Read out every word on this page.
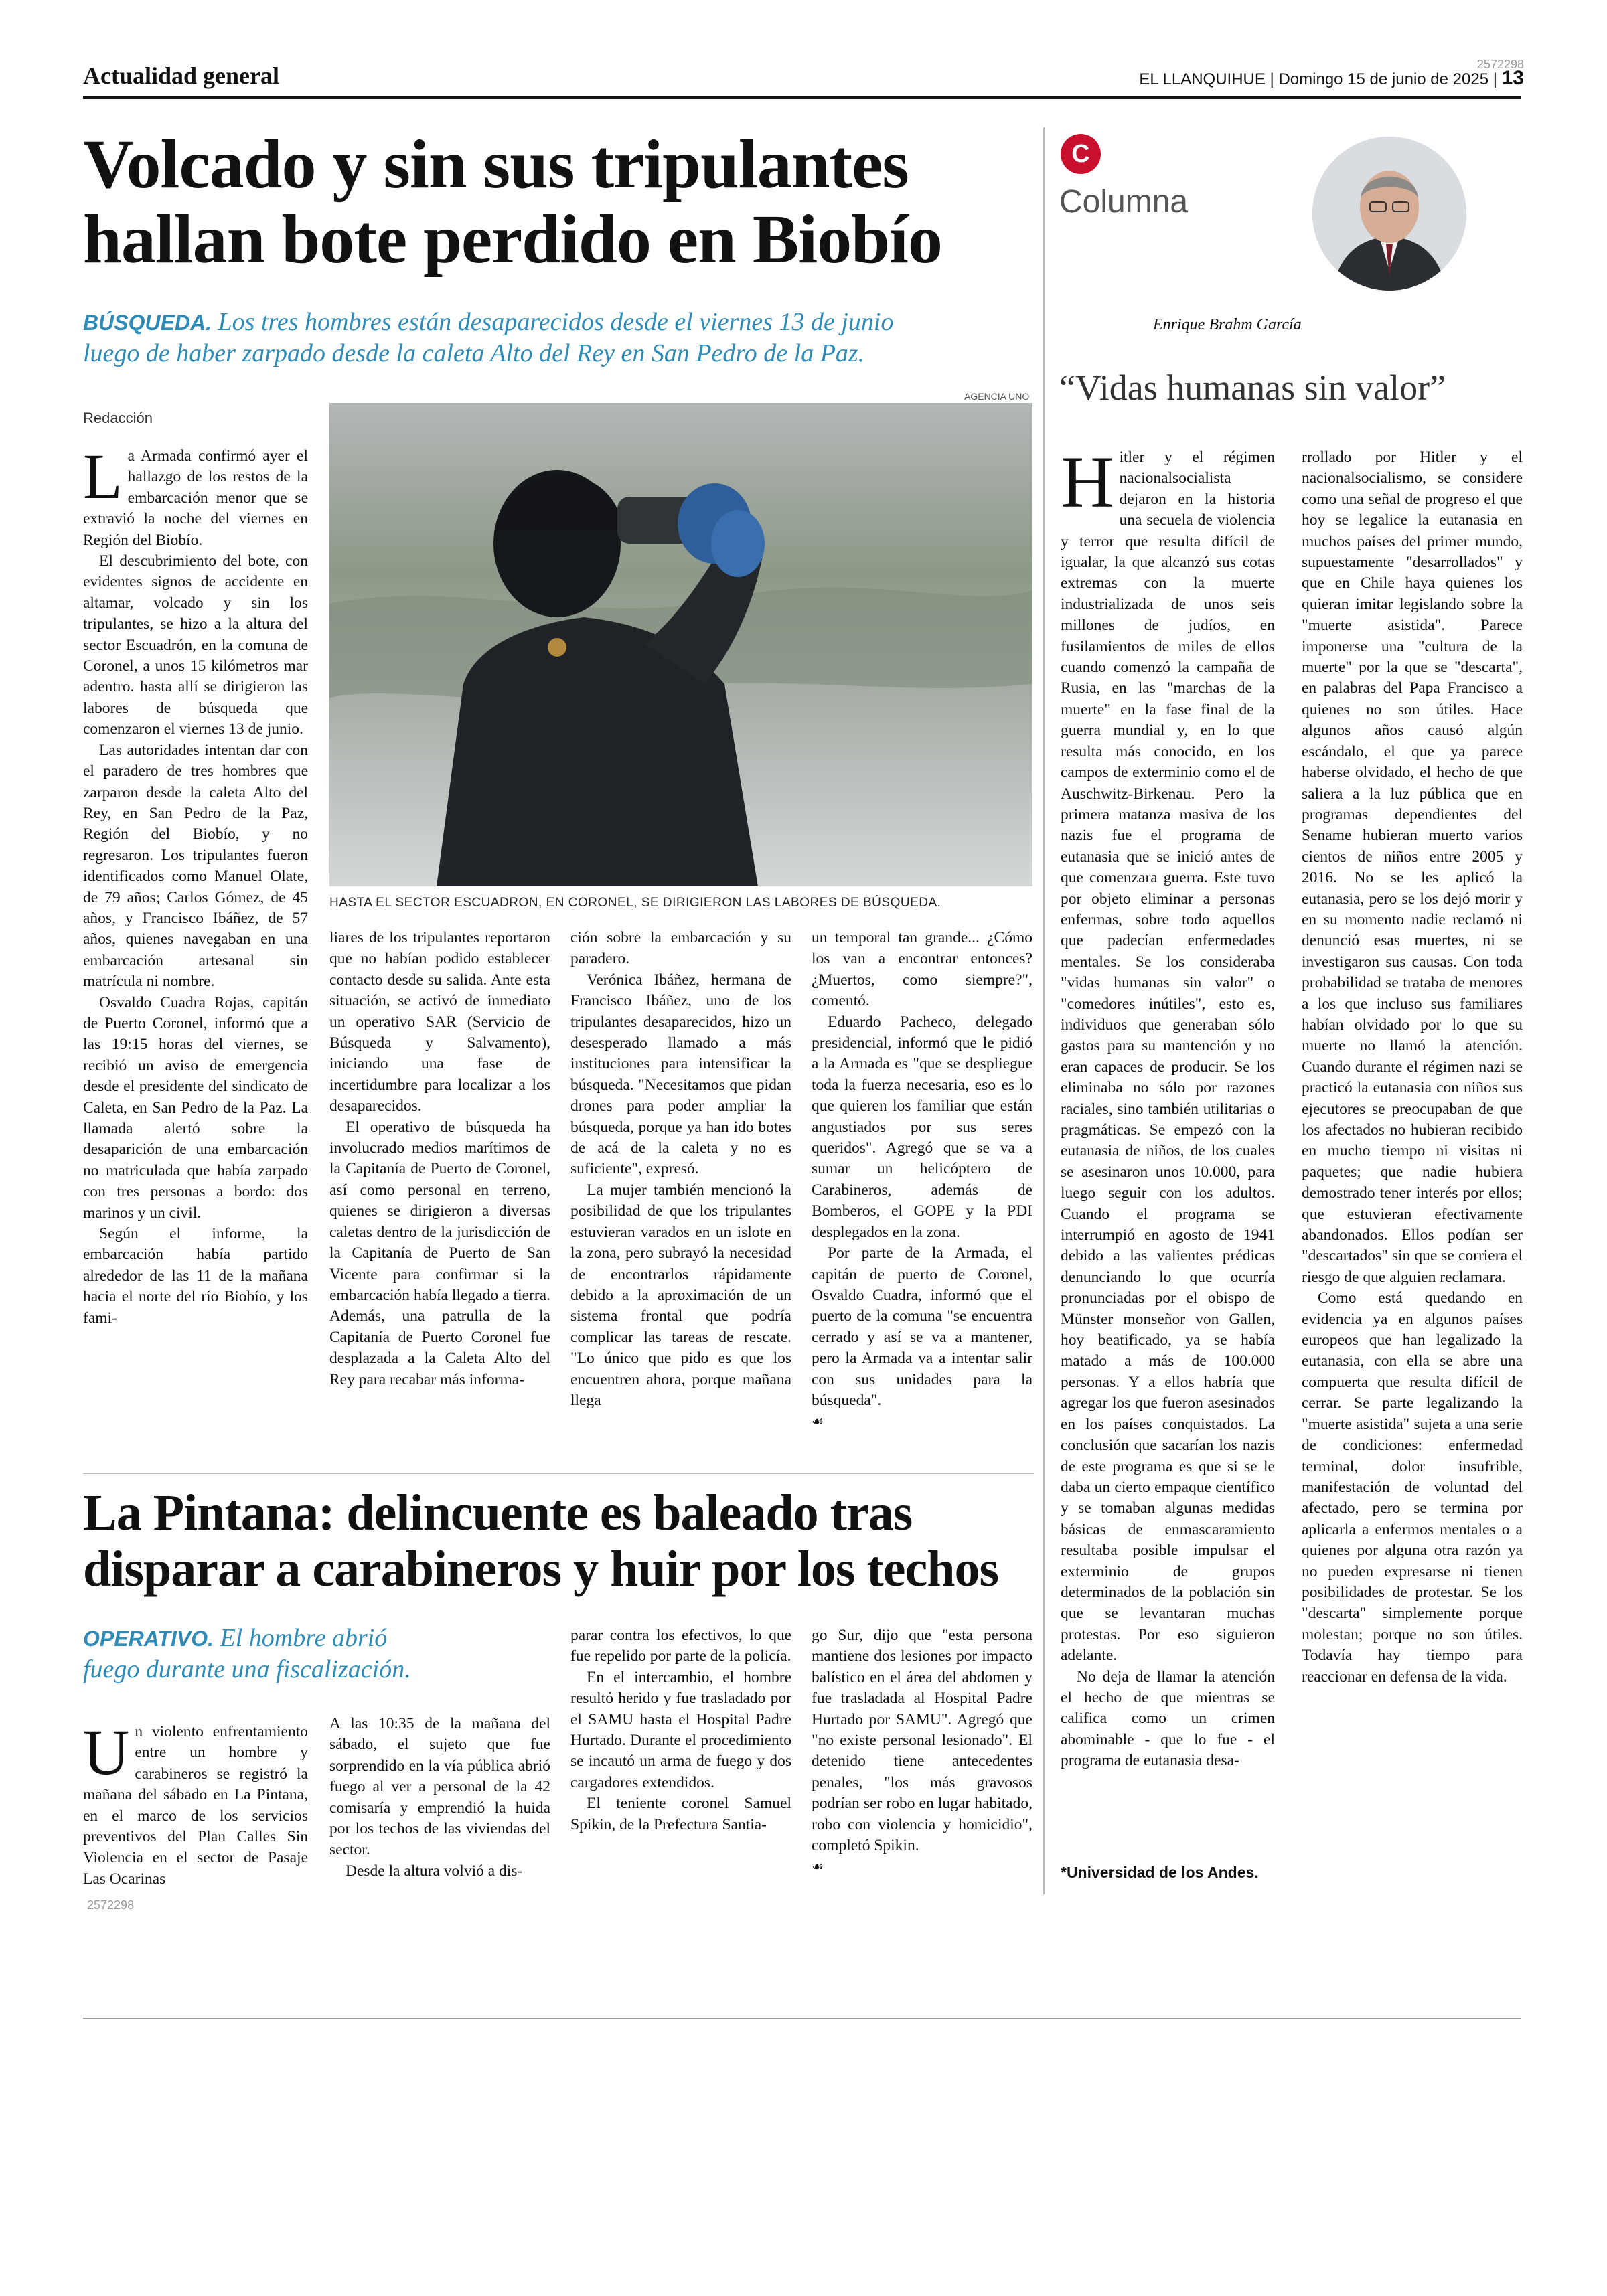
Actualidad general	2572298
EL LLANQUIHUE | Domingo 15 de junio de 2025 | 13
Volcado y sin sus tripulantes
hallan bote perdido en Biobío
BÚSQUEDA. Los tres hombres están desaparecidos desde el viernes 13 de junio
luego de haber zarpado desde la caleta Alto del Rey en San Pedro de la Paz.
Redacción
AGENCIA UNO
HASTA EL SECTOR ESCUADRON, EN CORONEL, SE DIRIGIERON LAS LABORES DE BÚSQUEDA.
L a Armada confirmó ayer el hallazgo de los restos de la embarcación menor que se extravió la noche del viernes en Región del Biobío.

El descubrimiento del bote, con evidentes signos de accidente en altamar, volcado y sin los tripulantes, se hizo a la altura del sector Escuadrón, en la comuna de Coronel, a unos 15 kilómetros mar adentro. hasta allí se dirigieron las labores de búsqueda que comenzaron el viernes 13 de junio.

Las autoridades intentan dar con el paradero de tres hombres que zarparon desde la caleta Alto del Rey, en San Pedro de la Paz, Región del Biobío, y no regresaron. Los tripulantes fueron identificados como Manuel Olate, de 79 años; Carlos Gómez, de 45 años, y Francisco Ibáñez, de 57 años, quienes navegaban en una embarcación artesanal sin matrícula ni nombre.

Osvaldo Cuadra Rojas, capitán de Puerto Coronel, informó que a las 19:15 horas del viernes, se recibió un aviso de emergencia desde el presidente del sindicato de Caleta, en San Pedro de la Paz. La llamada alertó sobre la desaparición de una embarcación no matriculada que había zarpado con tres personas a bordo: dos marinos y un civil.

Según el informe, la embarcación había partido alrededor de las 11 de la mañana hacia el norte del río Biobío, y los fami-

liares de los tripulantes reportaron que no habían podido establecer contacto desde su salida. Ante esta situación, se activó de inmediato un operativo SAR (Servicio de Búsqueda y Salvamento), iniciando una fase de incertidumbre para localizar a los desaparecidos.

El operativo de búsqueda ha involucrado medios marítimos de la Capitanía de Puerto de Coronel, así como personal en terreno, quienes se dirigieron a diversas caletas dentro de la jurisdicción de la Capitanía de Puerto de San Vicente para confirmar si la embarcación había llegado a tierra. Además, una patrulla de la Capitanía de Puerto Coronel fue desplazada a la Caleta Alto del Rey para recabar más informa-

ción sobre la embarcación y su paradero.

Verónica Ibáñez, hermana de Francisco Ibáñez, uno de los tripulantes desaparecidos, hizo un desesperado llamado a más instituciones para intensificar la búsqueda. "Necesitamos que pidan drones para poder ampliar la búsqueda, porque ya han ido botes de acá de la caleta y no es suficiente", expresó.

La mujer también mencionó la posibilidad de que los tripulantes estuvieran varados en un islote en la zona, pero subrayó la necesidad de encontrarlos rápidamente debido a la aproximación de un sistema frontal que podría complicar las tareas de rescate. "Lo único que pido es que los encuentren ahora, porque mañana llega

un temporal tan grande... ¿Cómo los van a encontrar entonces? ¿Muertos, como siempre?", comentó.

Eduardo Pacheco, delegado presidencial, informó que le pidió a la Armada es "que se despliegue toda la fuerza necesaria, eso es lo que quieren los familiar que están angustiados por sus seres queridos". Agregó que se va a sumar un helicóptero de Carabineros, además de Bomberos, el GOPE y la PDI desplegados en la zona.

Por parte de la Armada, el capitán de puerto de Coronel, Osvaldo Cuadra, informó que el puerto de la comuna "se encuentra cerrado y así se va a mantener, pero la Armada va a intentar salir con sus unidades para la búsqueda".

☙
La Pintana: delincuente es baleado tras
disparar a carabineros y huir por los techos
OPERATIVO. El hombre abrió
fuego durante una fiscalización.
U n violento enfrentamiento entre un hombre y carabineros se registró la mañana del sábado en La Pintana, en el marco de los servicios preventivos del Plan Calles Sin Violencia en el sector de Pasaje Las Ocarinas

2572298

A las 10:35 de la mañana del sábado, el sujeto que fue sorprendido en la vía pública abrió fuego al ver a personal de la 42 comisaría y emprendió la huida por los techos de las viviendas del sector.

Desde la altura volvió a dis-

parar contra los efectivos, lo que fue repelido por parte de la policía.

En el intercambio, el hombre resultó herido y fue trasladado por el SAMU hasta el Hospital Padre Hurtado. Durante el procedimiento se incautó un arma de fuego y dos cargadores extendidos.

El teniente coronel Samuel Spikin, de la Prefectura Santia-

go Sur, dijo que "esta persona mantiene dos lesiones por impacto balístico en el área del abdomen y fue trasladada al Hospital Padre Hurtado por SAMU". Agregó que "no existe personal lesionado". El detenido tiene antecedentes penales, "los más gravosos podrían ser robo en lugar habitado, robo con violencia y homicidio", completó Spikin.

☙
C
Columna
Enrique Brahm García
“Vidas humanas sin valor”
H itler y el régimen nacionalsocialista dejaron en la historia una secuela de violencia y terror que resulta difícil de igualar, la que alcanzó sus cotas extremas con la muerte industrializada de unos seis millones de judíos, en fusilamientos de miles de ellos cuando comenzó la campaña de Rusia, en las "marchas de la muerte" en la fase final de la guerra mundial y, en lo que resulta más conocido, en los campos de exterminio como el de Auschwitz-Birkenau. Pero la primera matanza masiva de los nazis fue el programa de eutanasia que se inició antes de que comenzara guerra. Este tuvo por objeto eliminar a personas enfermas, sobre todo aquellos que padecían enfermedades mentales. Se los consideraba "vidas humanas sin valor" o "comedores inútiles", esto es, individuos que generaban sólo gastos para su mantención y no eran capaces de producir. Se los eliminaba no sólo por razones raciales, sino también utilitarias o pragmáticas. Se empezó con la eutanasia de niños, de los cuales se asesinaron unos 10.000, para luego seguir con los adultos. Cuando el programa se interrumpió en agosto de 1941 debido a las valientes prédicas denunciando lo que ocurría pronunciadas por el obispo de Münster monseñor von Gallen, hoy beatificado, ya se había matado a más de 100.000 personas. Y a ellos habría que agregar los que fueron asesinados en los países conquistados. La conclusión que sacarían los nazis de este programa es que si se le daba un cierto empaque científico y se tomaban algunas medidas básicas de enmascaramiento resultaba posible impulsar el exterminio de grupos determinados de la población sin que se levantaran muchas protestas. Por eso siguieron adelante.

No deja de llamar la atención el hecho de que mientras se califica como un crimen abominable - que lo fue - el programa de eutanasia desa-

rrollado por Hitler y el nacionalsocialismo, se considere como una señal de progreso el que hoy se legalice la eutanasia en muchos países del primer mundo, supuestamente "desarrollados" y que en Chile haya quienes los quieran imitar legislando sobre la "muerte asistida". Parece imponerse una "cultura de la muerte" por la que se "descarta", en palabras del Papa Francisco a quienes no son útiles. Hace algunos años causó algún escándalo, el que ya parece haberse olvidado, el hecho de que saliera a la luz pública que en programas dependientes del Sename hubieran muerto varios cientos de niños entre 2005 y 2016. No se les aplicó la eutanasia, pero se los dejó morir y en su momento nadie reclamó ni denunció esas muertes, ni se investigaron sus causas. Con toda probabilidad se trataba de menores a los que incluso sus familiares habían olvidado por lo que su muerte no llamó la atención. Cuando durante el régimen nazi se practicó la eutanasia con niños sus ejecutores se preocupaban de que los afectados no hubieran recibido en mucho tiempo ni visitas ni paquetes; que nadie hubiera demostrado tener interés por ellos; que estuvieran efectivamente abandonados. Ellos podían ser "descartados" sin que se corriera el riesgo de que alguien reclamara.

Como está quedando en evidencia ya en algunos países europeos que han legalizado la eutanasia, con ella se abre una compuerta que resulta difícil de cerrar. Se parte legalizando la "muerte asistida" sujeta a una serie de condiciones: enfermedad terminal, dolor insufrible, manifestación de voluntad del afectado, pero se termina por aplicarla a enfermos mentales o a quienes por alguna otra razón ya no pueden expresarse ni tienen posibilidades de protestar. Se los "descarta" simplemente porque molestan; porque no son útiles. Todavía hay tiempo para reaccionar en defensa de la vida.

*Universidad de los Andes.
